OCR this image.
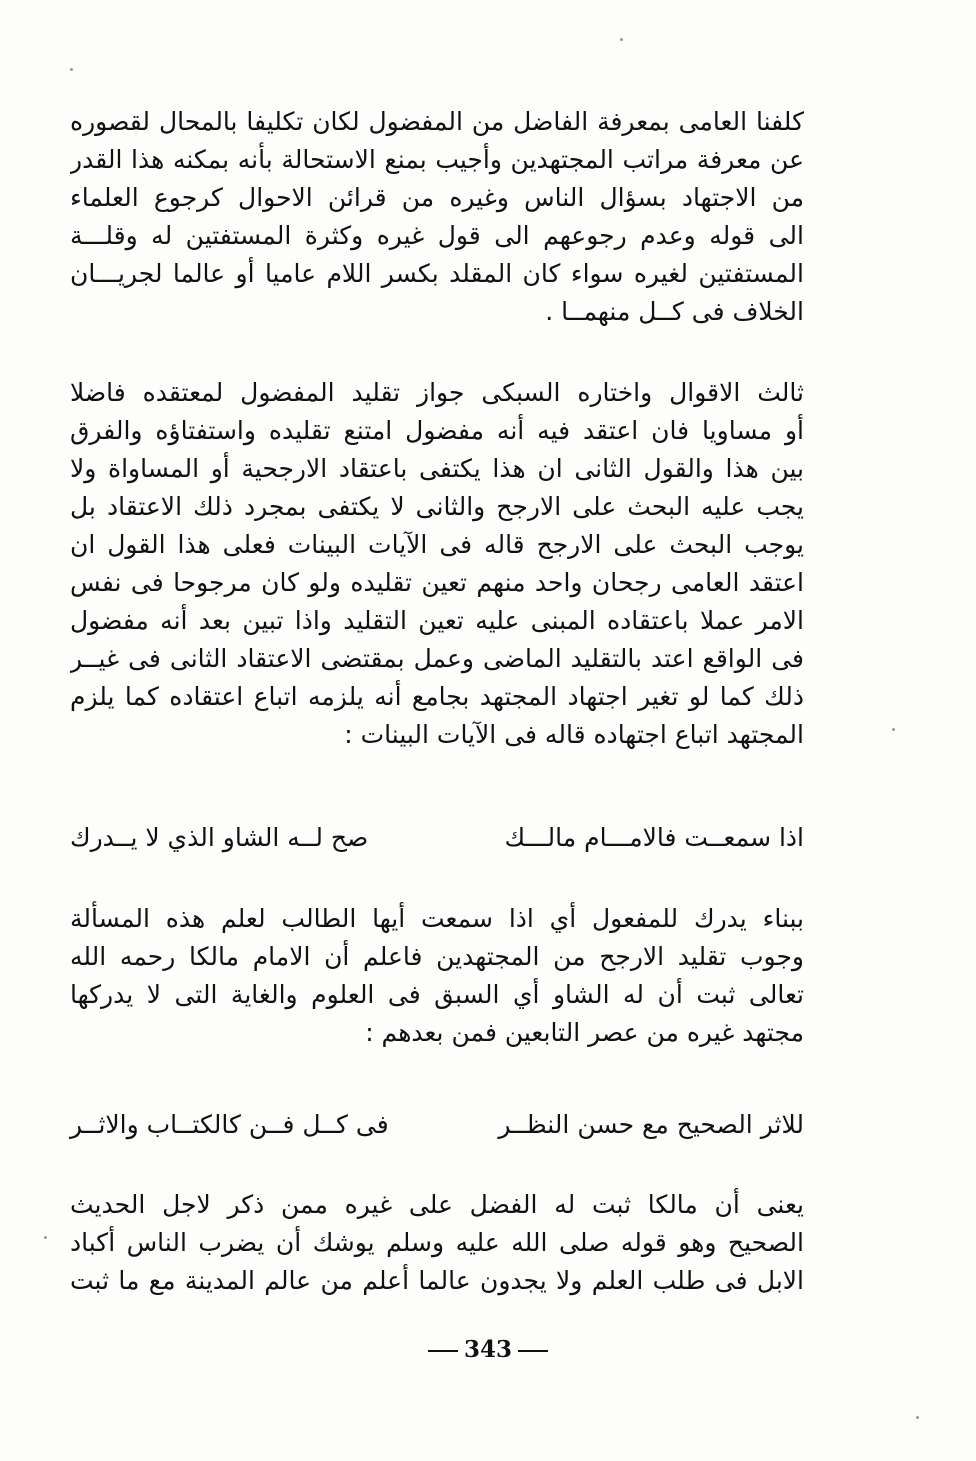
كلفنا العامى بمعرفة الفاضل من المفضول لكان تكليفا بالمحال لقصوره
عن معرفة مراتب المجتهدين وأجيب بمنع الاستحالة بأنه بمكنه هذا القدر
من الاجتهاد بسؤال الناس وغيره من قرائن الاحوال كرجوع العلماء
الى قوله وعدم رجوعهم الى قول غيره وكثرة المستفتين له وقلـــة
المستفتين لغيره سواء كان المقلد بكسر اللام عاميا أو عالما لجريـــان
الخلاف فى كــل منهمــا .
ثالث الاقوال واختاره السبكى جواز تقليد المفضول لمعتقده فاضلا
أو مساويا فان اعتقد فيه أنه مفضول امتنع تقليده واستفتاؤه والفرق
بين هذا والقول الثانى ان هذا يكتفى باعتقاد الارجحية أو المساواة ولا
يجب عليه البحث على الارجح والثانى لا يكتفى بمجرد ذلك الاعتقاد بل
يوجب البحث على الارجح قاله فى الآيات البينات فعلى هذا القول ان
اعتقد العامى رجحان واحد منهم تعين تقليده ولو كان مرجوحا فى نفس
الامر عملا باعتقاده المبنى عليه تعين التقليد واذا تبين بعد أنه مفضول
فى الواقع اعتد بالتقليد الماضى وعمل بمقتضى الاعتقاد الثانى فى غيــر
ذلك كما لو تغير اجتهاد المجتهد بجامع أنه يلزمه اتباع اعتقاده كما يلزم
المجتهد اتباع اجتهاده قاله فى الآيات البينات :
اذا سمعــت فالامـــام مالـــك
صح لــه الشاو الذي لا يــدرك
ببناء يدرك للمفعول أي اذا سمعت أيها الطالب لعلم هذه المسألة
وجوب تقليد الارجح من المجتهدين فاعلم أن الامام مالكا رحمه الله
تعالى ثبت أن له الشاو أي السبق فى العلوم والغاية التى لا يدركها
مجتهد غيره من عصر التابعين فمن بعدهم :
للاثر الصحيح مع حسن النظــر
فى كــل فــن كالكتــاب والاثــر
يعنى أن مالكا ثبت له الفضل على غيره ممن ذكر لاجل الحديث
الصحيح وهو قوله صلى الله عليه وسلم يوشك أن يضرب الناس أكباد
الابل فى طلب العلم ولا يجدون عالما أعلم من عالم المدينة مع ما ثبت
343
